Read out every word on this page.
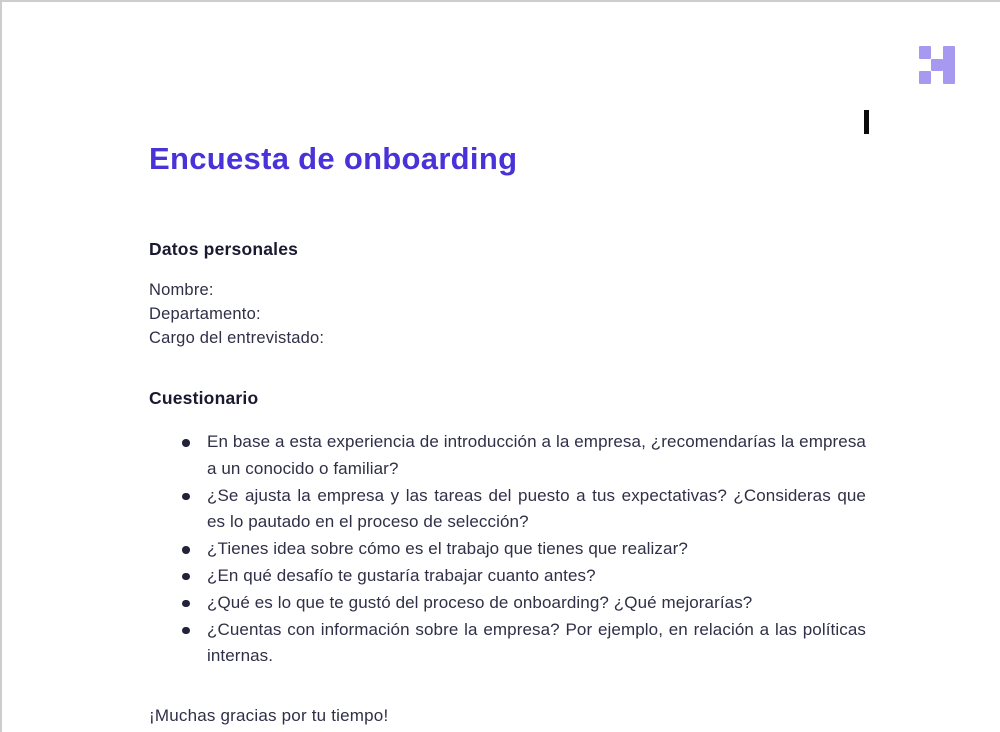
Encuesta de onboarding
Datos personales
Nombre:
Departamento:
Cargo del entrevistado:
Cuestionario
En base a esta experiencia de introducción a la empresa, ¿recomendarías la empresa a un conocido o familiar?
¿Se ajusta la empresa y las tareas del puesto a tus expectativas? ¿Consideras que es lo pautado en el proceso de selección?
¿Tienes idea sobre cómo es el trabajo que tienes que realizar?
¿En qué desafío te gustaría trabajar cuanto antes?
¿Qué es lo que te gustó del proceso de onboarding? ¿Qué mejorarías?
¿Cuentas con información sobre la empresa? Por ejemplo, en relación a las políticas internas.
¡Muchas gracias por tu tiempo!
